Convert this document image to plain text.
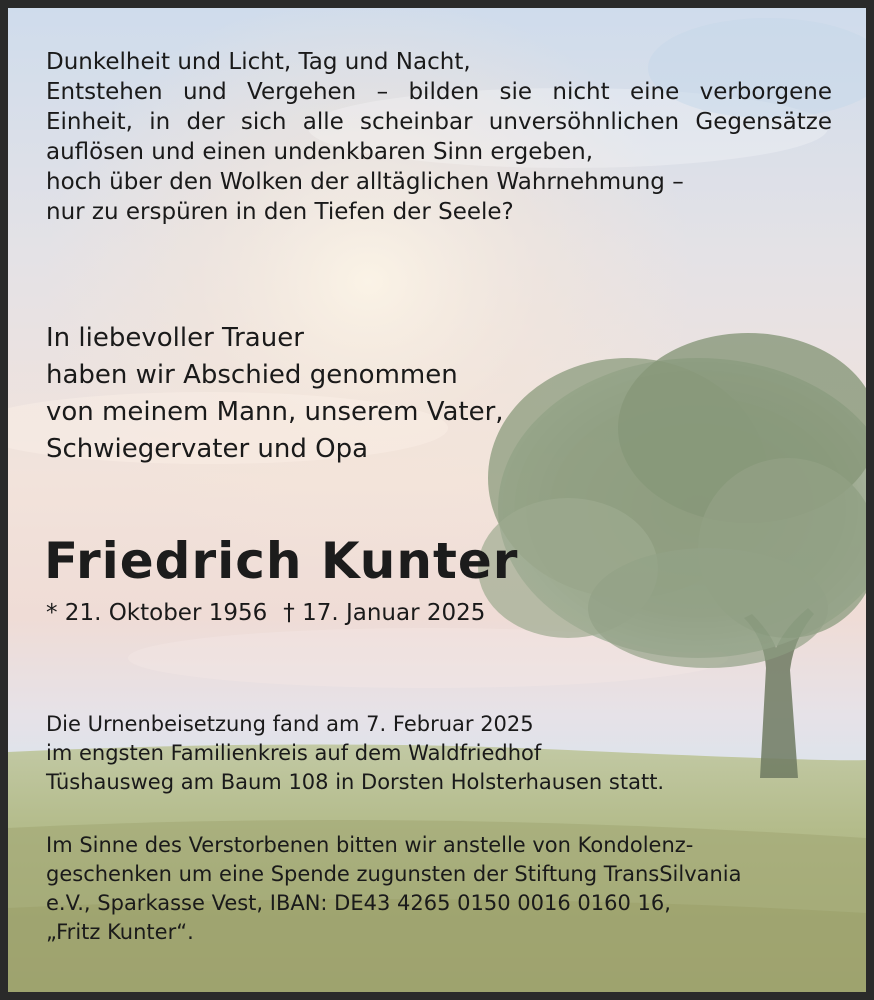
Dunkelheit und Licht, Tag und Nacht,
Entstehen und Vergehen – bilden sie nicht eine verborgene
Einheit, in der sich alle scheinbar unversöhnlichen Gegensätze
auflösen und einen undenkbaren Sinn ergeben,
hoch über den Wolken der alltäglichen Wahrnehmung –
nur zu erspüren in den Tiefen der Seele?
In liebevoller Trauer
haben wir Abschied genommen
von meinem Mann, unserem Vater,
Schwiegervater und Opa
Friedrich Kunter
* 21. Oktober 1956 † 17. Januar 2025
Die Urnenbeisetzung fand am 7. Februar 2025
im engsten Familienkreis auf dem Waldfriedhof
Tüshausweg am Baum 108 in Dorsten Holsterhausen statt.
Im Sinne des Verstorbenen bitten wir anstelle von Kondolenz-
geschenken um eine Spende zugunsten der Stiftung TransSilvania
e.V., Sparkasse Vest, IBAN: DE43 4265 0150 0016 0160 16,
„Fritz Kunter“.
